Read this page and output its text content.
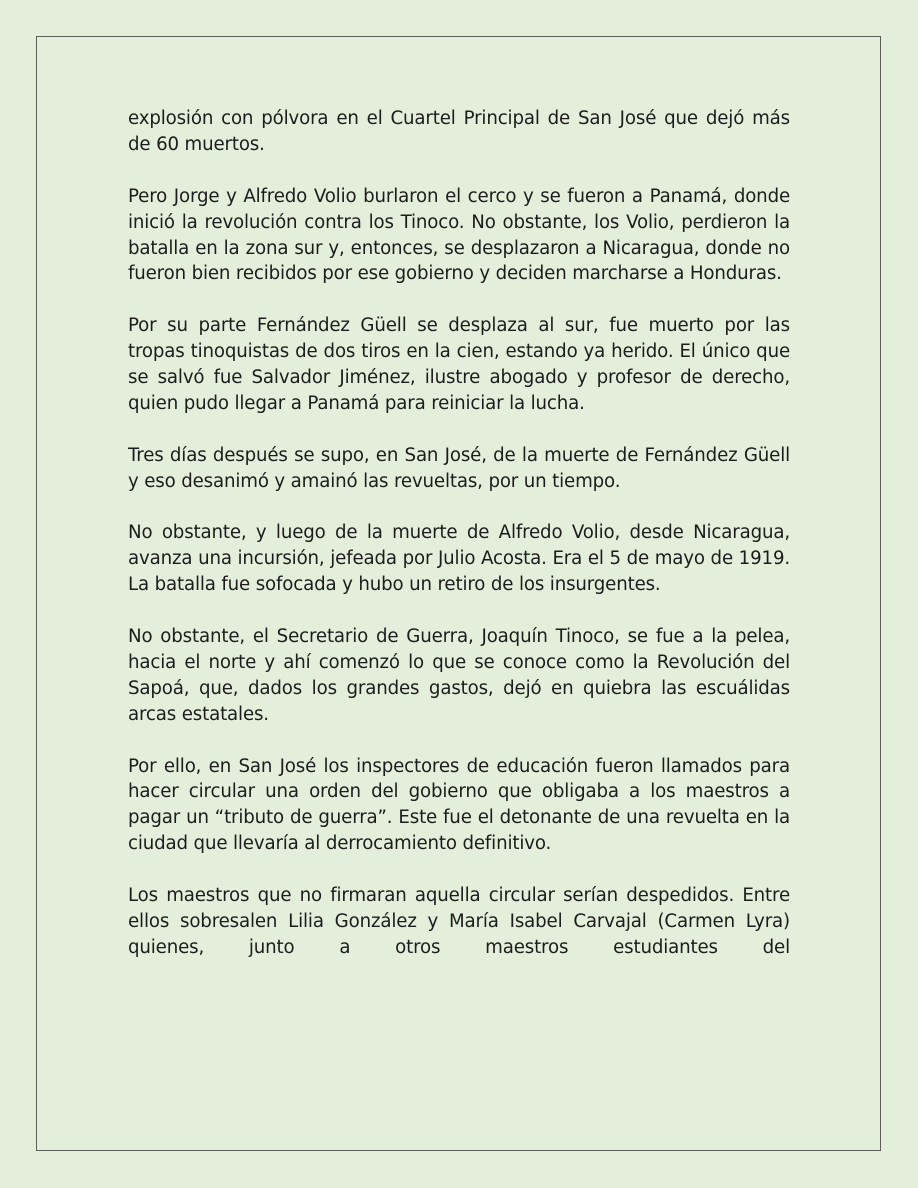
explosión con pólvora en el Cuartel Principal de San José que dejó más de 60 muertos.

Pero Jorge y Alfredo Volio burlaron el cerco y se fueron a Panamá, donde inició la revolución contra los Tinoco. No obstante, los Volio, perdieron la batalla en la zona sur y, entonces, se desplazaron a Nicaragua, donde no fueron bien recibidos por ese gobierno y deciden marcharse a Honduras.

Por su parte Fernández Güell se desplaza al sur, fue muerto por las tropas tinoquistas de dos tiros en la cien, estando ya herido. El único que se salvó fue Salvador Jiménez, ilustre abogado y profesor de derecho, quien pudo llegar a Panamá para reiniciar la lucha.

Tres días después se supo, en San José, de la muerte de Fernández Güell y eso desanimó y amainó las revueltas, por un tiempo.

No obstante, y luego de la muerte de Alfredo Volio, desde Nicaragua, avanza una incursión, jefeada por Julio Acosta. Era el 5 de mayo de 1919. La batalla fue sofocada y hubo un retiro de los insurgentes.

No obstante, el Secretario de Guerra, Joaquín Tinoco, se fue a la pelea, hacia el norte y ahí comenzó lo que se conoce como la Revolución del Sapoá, que, dados los grandes gastos, dejó en quiebra las escuálidas arcas estatales.

Por ello, en San José los inspectores de educación fueron llamados para hacer circular una orden del gobierno que obligaba a los maestros a pagar un “tributo de guerra”. Este fue el detonante de una revuelta en la ciudad que llevaría al derrocamiento definitivo.

Los maestros que no firmaran aquella circular serían despedidos. Entre ellos sobresalen Lilia González y María Isabel Carvajal (Carmen Lyra) quienes, junto a otros maestros estudiantes del
